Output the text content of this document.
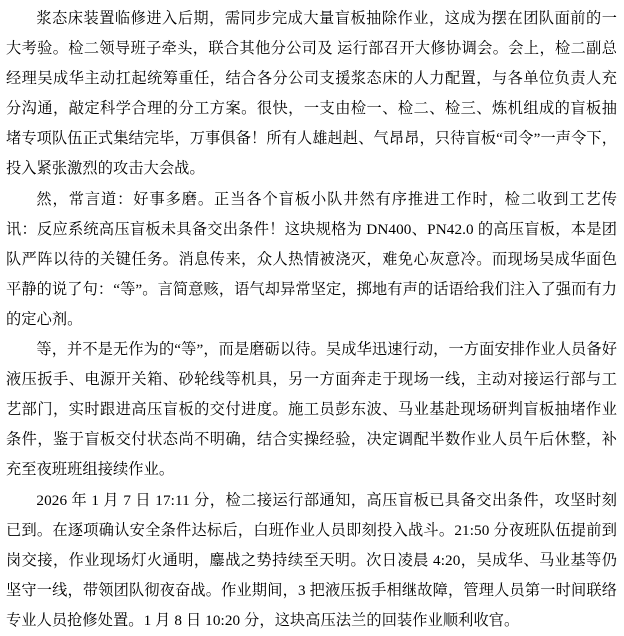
浆态床装置临修进入后期，需同步完成大量盲板抽除作业，这成为摆在团队面前的一大考验。检二领导班子牵头，联合其他分公司及 运行部召开大修协调会。会上，检二副总经理吴成华主动扛起统筹重任，结合各分公司支援浆态床的人力配置，与各单位负责人充分沟通，敲定科学合理的分工方案。很快，一支由检一、检二、检三、炼机组成的盲板抽堵专项队伍正式集结完毕，万事俱备！所有人雄赳赳、气昂昂，只待盲板“司令”一声令下，投入紧张激烈的攻击大会战。

然，常言道：好事多磨。正当各个盲板小队井然有序推进工作时，检二收到工艺传讯：反应系统高压盲板未具备交出条件！这块规格为 DN400、PN42.0 的高压盲板，本是团队严阵以待的关键任务。消息传来，众人热情被浇灭，难免心灰意冷。而现场吴成华面色平静的说了句：“等”。言简意赅，语气却异常坚定，掷地有声的话语给我们注入了强而有力的定心剂。

等，并不是无作为的“等”，而是磨砺以待。吴成华迅速行动，一方面安排作业人员备好液压扳手、电源开关箱、砂轮线等机具，另一方面奔走于现场一线，主动对接运行部与工艺部门，实时跟进高压盲板的交付进度。施工员彭东波、马业基赴现场研判盲板抽堵作业条件，鉴于盲板交付状态尚不明确，结合实操经验，决定调配半数作业人员午后休整，补充至夜班班组接续作业。

2026 年 1 月 7 日 17:11 分，检二接运行部通知，高压盲板已具备交出条件，攻坚时刻已到。在逐项确认安全条件达标后，白班作业人员即刻投入战斗。21:50 分夜班队伍提前到岗交接，作业现场灯火通明，鏖战之势持续至天明。次日凌晨 4:20，吴成华、马业基等仍坚守一线，带领团队彻夜奋战。作业期间，3 把液压扳手相继故障，管理人员第一时间联络专业人员抢修处置。1 月 8 日 10:20 分，这块高压法兰的回装作业顺利收官。
